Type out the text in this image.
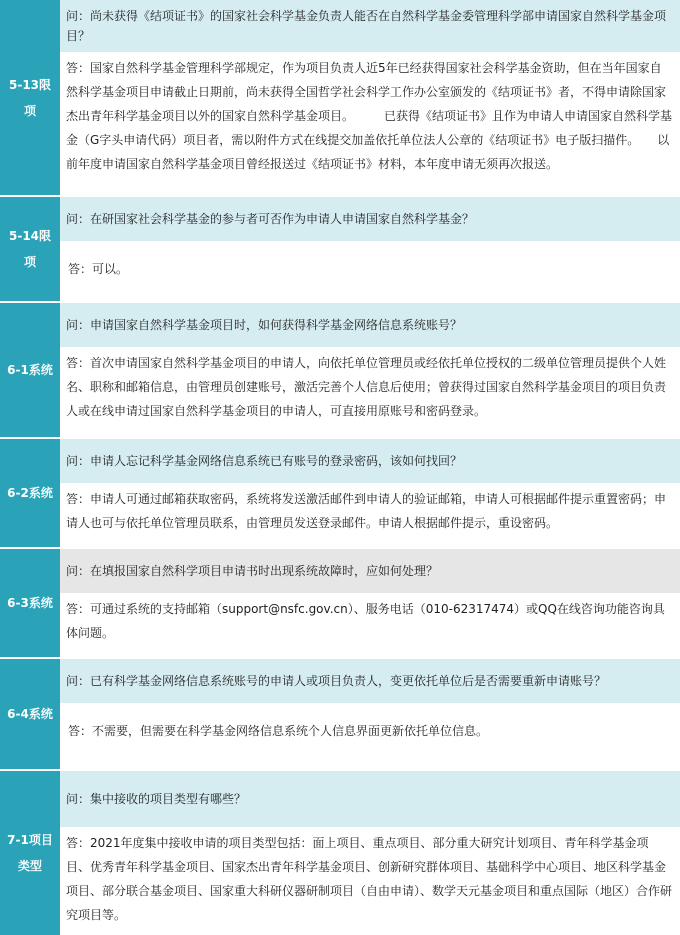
5-13限项
问：尚未获得《结项证书》的国家社会科学基金负责人能否在自然科学基金委管理科学部申请国家自然科学基金项目？
答：国家自然科学基金管理科学部规定，作为项目负责人近5年已经获得国家社会科学基金资助，但在当年国家自然科学基金项目申请截止日期前，尚未获得全国哲学社会科学工作办公室颁发的《结项证书》者，不得申请除国家杰出青年科学基金项目以外的国家自然科学基金项目。　　　已获得《结项证书》且作为申请人申请国家自然科学基金（G字头申请代码）项目者，需以附件方式在线提交加盖依托单位法人公章的《结项证书》电子版扫描件。　　以前年度申请国家自然科学基金项目曾经报送过《结项证书》材料，本年度申请无须再次报送。
5-14限项
问：在研国家社会科学基金的参与者可否作为申请人申请国家自然科学基金？
答：可以。
6-1系统
问：申请国家自然科学基金项目时，如何获得科学基金网络信息系统账号？
答：首次申请国家自然科学基金项目的申请人，向依托单位管理员或经依托单位授权的二级单位管理员提供个人姓名、职称和邮箱信息，由管理员创建账号，激活完善个人信息后使用；曾获得过国家自然科学基金项目的项目负责人或在线申请过国家自然科学基金项目的申请人，可直接用原账号和密码登录。
6-2系统
问：申请人忘记科学基金网络信息系统已有账号的登录密码，该如何找回？
答：申请人可通过邮箱获取密码，系统将发送激活邮件到申请人的验证邮箱，申请人可根据邮件提示重置密码；申请人也可与依托单位管理员联系，由管理员发送登录邮件。申请人根据邮件提示，重设密码。
6-3系统
问：在填报国家自然科学项目申请书时出现系统故障时，应如何处理？
答：可通过系统的支持邮箱（support@nsfc.gov.cn）、服务电话（010-62317474）或QQ在线咨询功能咨询具体问题。
6-4系统
问：已有科学基金网络信息系统账号的申请人或项目负责人，变更依托单位后是否需要重新申请账号？
答：不需要，但需要在科学基金网络信息系统个人信息界面更新依托单位信息。
7-1项目类型
问：集中接收的项目类型有哪些？
答：2021年度集中接收申请的项目类型包括：面上项目、重点项目、部分重大研究计划项目、青年科学基金项目、优秀青年科学基金项目、国家杰出青年科学基金项目、创新研究群体项目、基础科学中心项目、地区科学基金项目、部分联合基金项目、国家重大科研仪器研制项目（自由申请）、数学天元基金项目和重点国际（地区）合作研究项目等。
